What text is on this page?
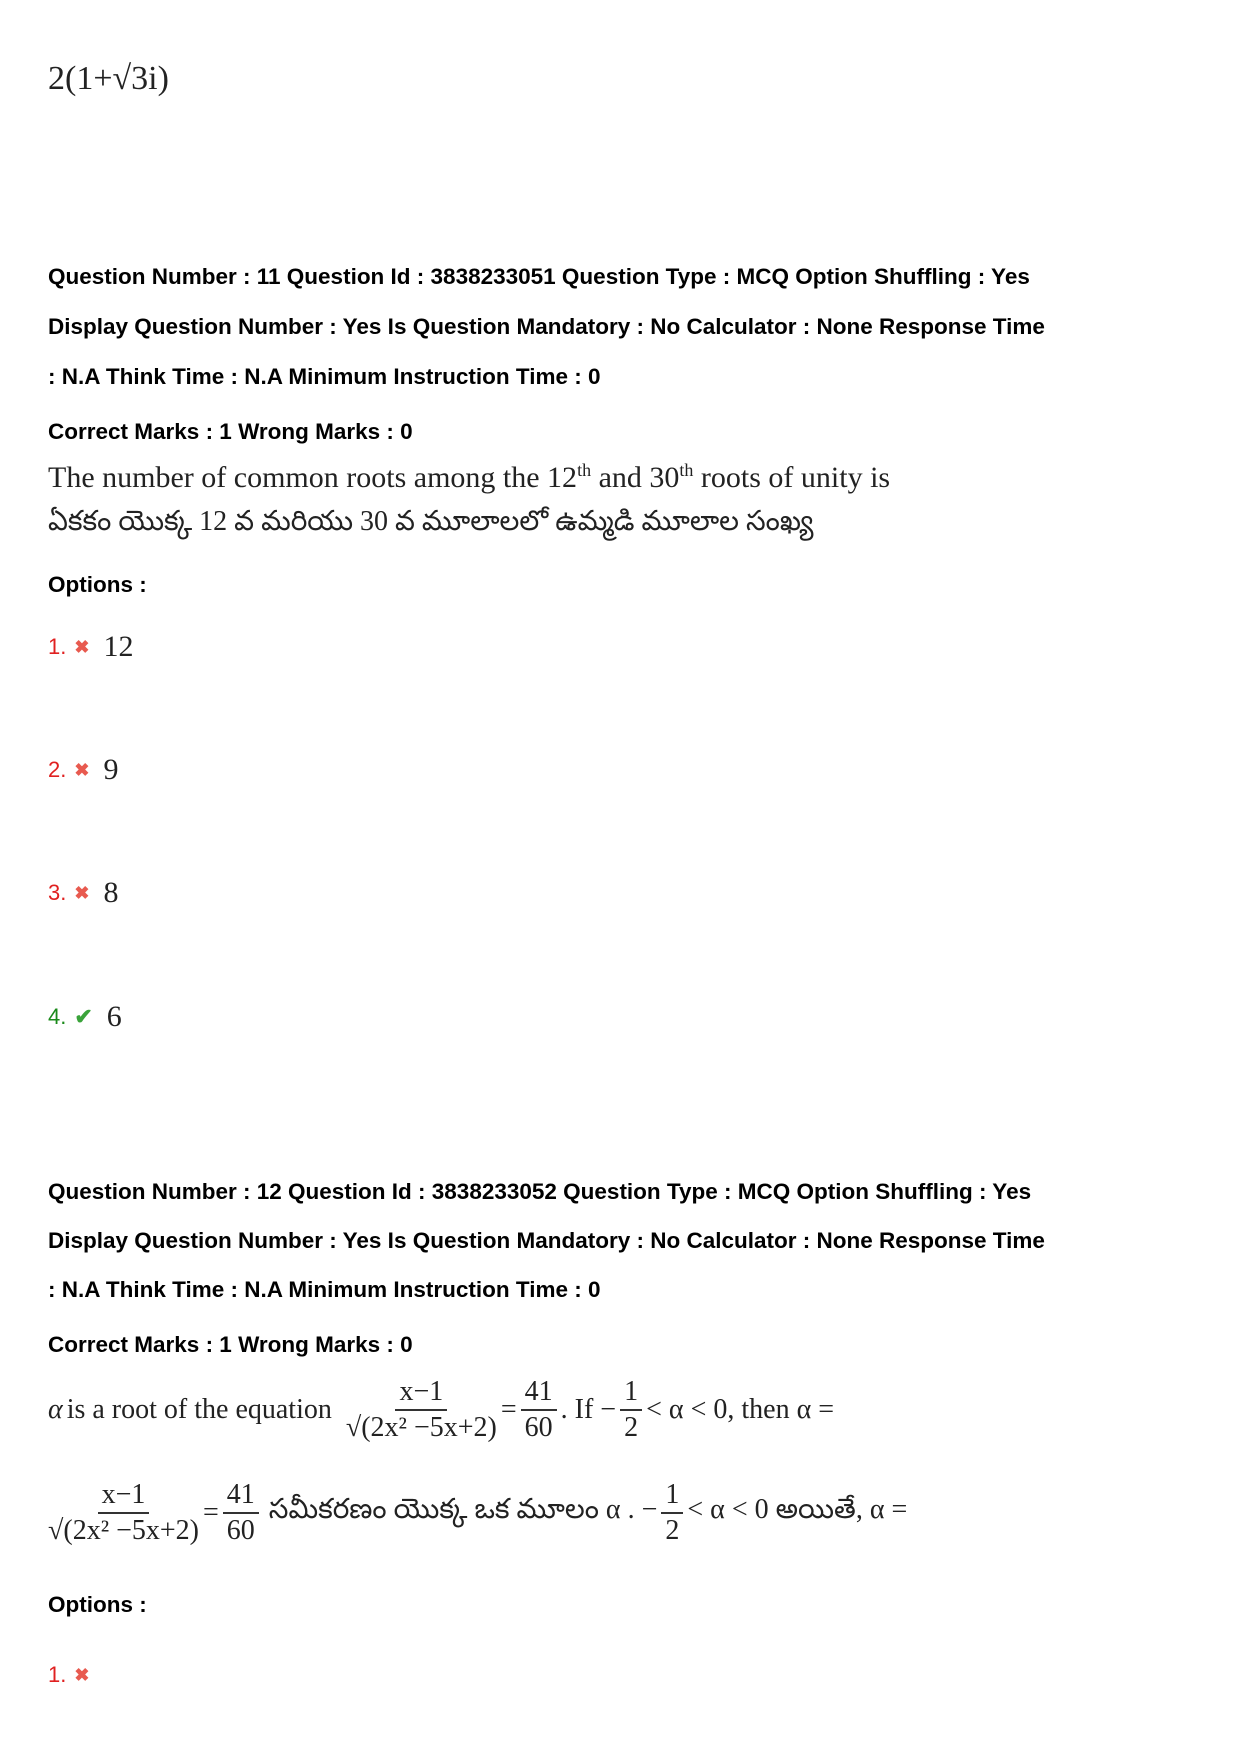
2(1+√3i)
Question Number : 11 Question Id : 3838233051 Question Type : MCQ Option Shuffling : Yes
Display Question Number : Yes Is Question Mandatory : No Calculator : None Response Time
: N.A Think Time : N.A Minimum Instruction Time : 0
Correct Marks : 1 Wrong Marks : 0
The number of common roots among the 12th and 30th roots of unity is
ఏకకం యొక్క 12 వ మరియు 30 వ మూలాలలో ఉమ్మడి మూలాల సంఖ్య
Options :
1. ✖ 12
2. ✖ 9
3. ✖ 8
4. ✔ 6
Question Number : 12 Question Id : 3838233052 Question Type : MCQ Option Shuffling : Yes
Display Question Number : Yes Is Question Mandatory : No Calculator : None Response Time
: N.A Think Time : N.A Minimum Instruction Time : 0
Correct Marks : 1 Wrong Marks : 0
α is a root of the equation $\frac{x-1}{\text{√(2x² −5x+2)}} = \frac{41}{60}$ . $If - \frac{1}{2} < \alpha < 0$, then α =
$\frac{x-1}{\text{√(2x² −5x+2)}} = \frac{41}{60}$ సమీకరణం యొక్క ఒక మూలం α . − $\frac{1}{2} < \alpha < 0$ అయితే, α =
Options :
1. ✖
